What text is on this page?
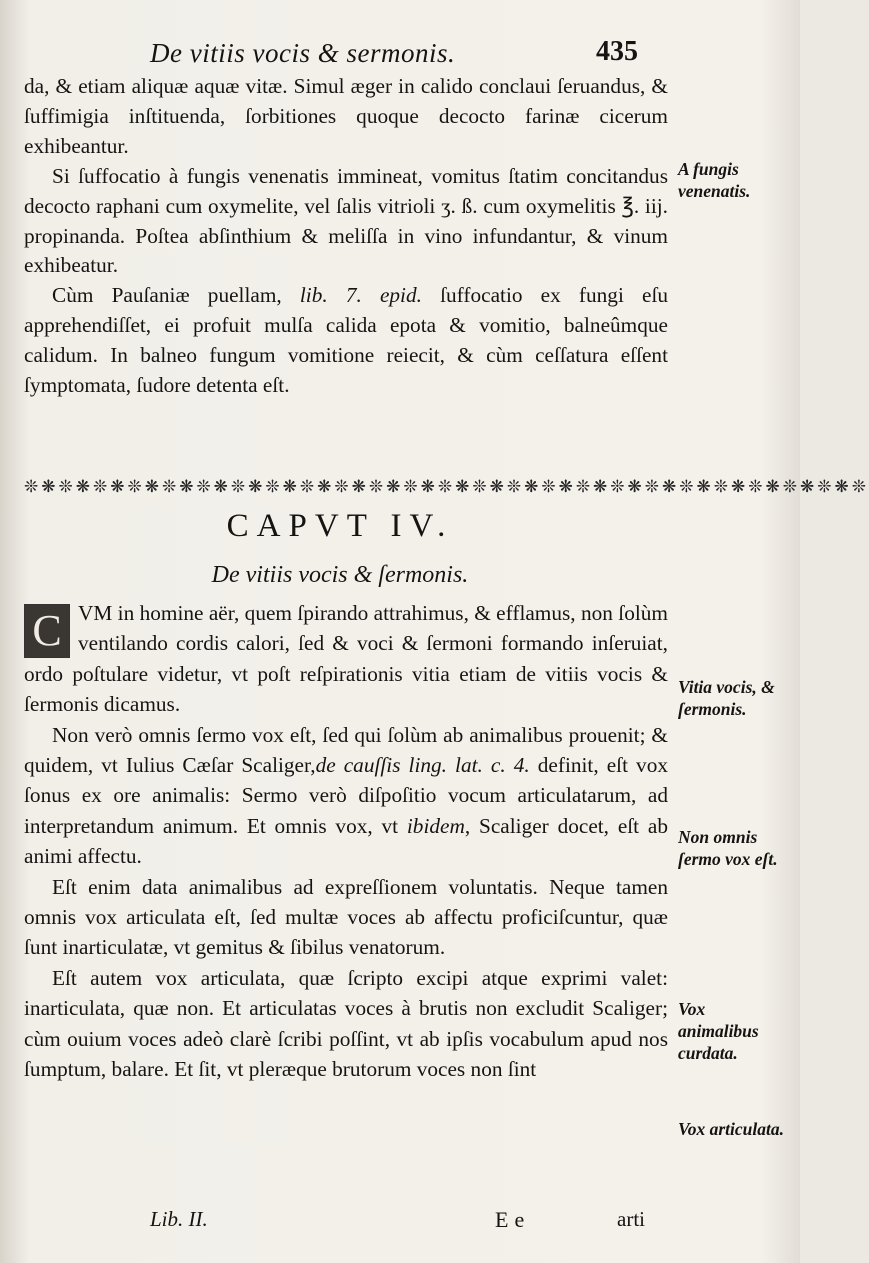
De vitiis vocis & sermonis.	435

da, & etiam aliquæ aquæ vitæ. Simul æger in calido conclaui ſeruandus, & ſuffimigia inſtituenda, ſorbitiones quoque decocto farinæ cicerum exhibeantur.

Si ſuffocatio à fungis venenatis immineat, vomitus ſtatim concitandus decocto raphani cum oxymelite, vel ſalis vitrioli ʒ. ß. cum oxymelitis ℥. iij. propinanda. Poſtea abſinthium & meliſſa in vino infundantur, & vinum exhibeatur.

Cùm Pauſaniæ puellam, lib. 7. epid. ſuffocatio ex fungi eſu apprehendiſſet, ei profuit mulſa calida epota & vomitio, balneûmque calidum. In balneo fungum vomitione reiecit, & cùm ceſſatura eſſent ſymptomata, ſudore detenta eſt.

❊❋❊❋❊❋❊❋❊❋❊❋❊❋❊❋❊❋❊❋❊❋❊❋❊❋❊❋❊❋❊❋❊❋❊❋❊❋❊❋❊❋❊❋❊❋❊❋❊
CAPVT IV.
De vitiis vocis & ſermonis.

C VM in homine aër, quem ſpirando attrahimus, & efflamus, non ſolùm ventilando cordis calori, ſed & voci & ſermoni formando inſeruiat, ordo poſtulare videtur, vt poſt reſpirationis vitia etiam de vitiis vocis & ſermonis dicamus.

Non verò omnis ſermo vox eſt, ſed qui ſolùm ab animalibus prouenit; & quidem, vt Iulius Cæſar Scaliger,de cauſſis ling. lat. c. 4. definit, eſt vox ſonus ex ore animalis: Sermo verò diſpoſitio vocum articulatarum, ad interpretandum animum. Et omnis vox, vt ibidem, Scaliger docet, eſt ab animi affectu.

Eſt enim data animalibus ad expreſſionem voluntatis. Neque tamen omnis vox articulata eſt, ſed multæ voces ab affectu proficiſcuntur, quæ ſunt inarticulatæ, vt gemitus & ſibilus venatorum.

Eſt autem vox articulata, quæ ſcripto excipi atque exprimi valet: inarticulata, quæ non. Et articulatas voces à brutis non excludit Scaliger; cùm ouium voces adeò clarè ſcribi poſſint, vt ab ipſis vocabulum apud nos ſumptum, balare. Et ſit, vt pleræque brutorum voces non ſint

A fungis venenatis.
Vitia vocis, & ſermonis.
Non omnis ſermo vox eſt.
Vox animalibus curdata.
Vox articulata.
Lib. II.	Ee	arti
